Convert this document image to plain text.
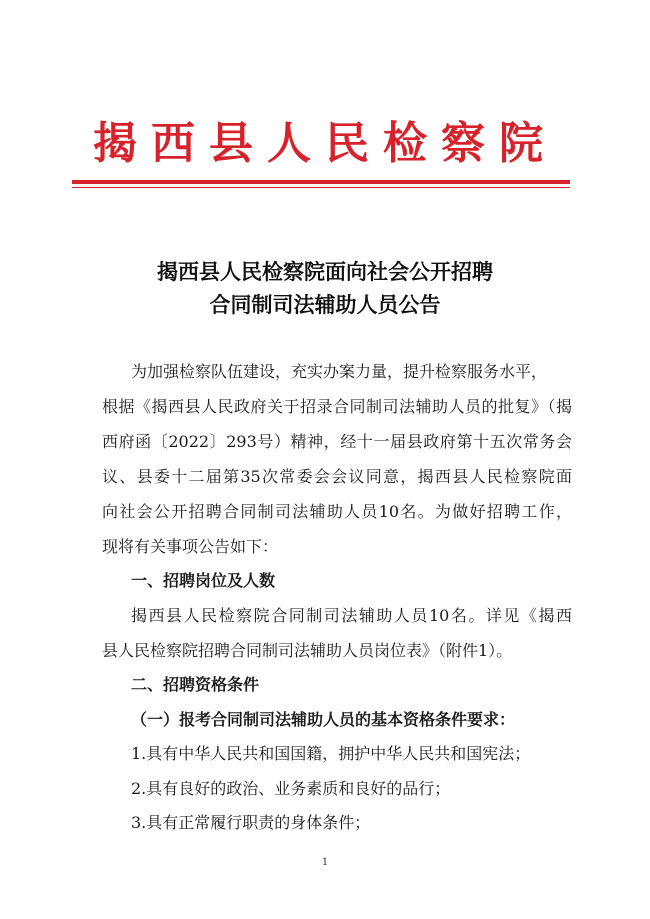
揭西县人民检察院
揭西县人民检察院面向社会公开招聘
合同制司法辅助人员公告
为加强检察队伍建设，充实办案力量，提升检察服务水平，
根据《揭西县人民政府关于招录合同制司法辅助人员的批复》（揭
西府函〔2022〕293号）精神，经十一届县政府第十五次常务会
议、县委十二届第35次常委会会议同意，揭西县人民检察院面
向社会公开招聘合同制司法辅助人员10名。为做好招聘工作，
现将有关事项公告如下：
一、招聘岗位及人数
揭西县人民检察院合同制司法辅助人员10名。详见《揭西
县人民检察院招聘合同制司法辅助人员岗位表》（附件1）。
二、招聘资格条件
（一）报考合同制司法辅助人员的基本资格条件要求：
1.具有中华人民共和国国籍，拥护中华人民共和国宪法；
2.具有良好的政治、业务素质和良好的品行；
3.具有正常履行职责的身体条件；
1
